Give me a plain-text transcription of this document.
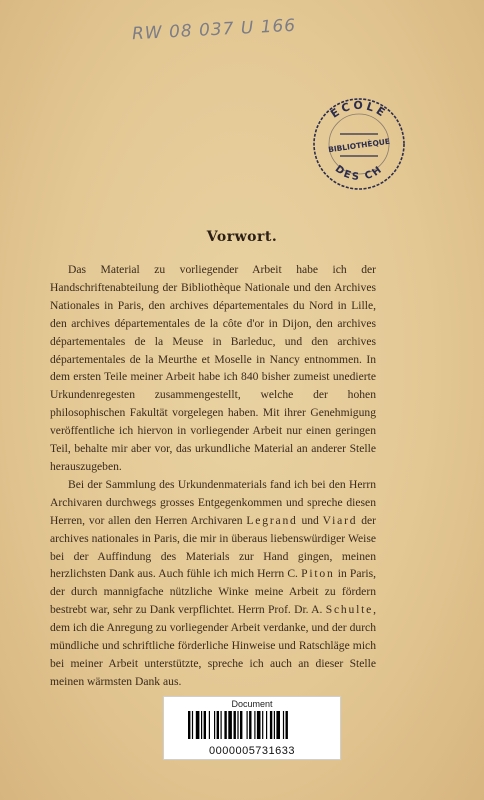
RW 08 037 U 166
ECOLE
BIBLIOTHÈQUE
DES CH
Vorwort.

Das Material zu vorliegender Arbeit habe ich der Handschriftenabteilung der Bibliothèque Nationale und den Archives Nationales in Paris, den archives départementales du Nord in Lille, den archives départementales de la côte d'or in Dijon, den archives départementales de la Meuse in Barleduc, und den archives départementales de la Meurthe et Moselle in Nancy entnommen. In dem ersten Teile meiner Arbeit habe ich 840 bisher zumeist unedierte Urkundenregesten zusammengestellt, welche der hohen philosophischen Fakultät vorgelegen haben. Mit ihrer Genehmigung veröffentliche ich hiervon in vorliegender Arbeit nur einen geringen Teil, behalte mir aber vor, das urkundliche Material an anderer Stelle herauszugeben.

Bei der Sammlung des Urkundenmaterials fand ich bei den Herrn Archivaren durchwegs grosses Entgegenkommen und spreche diesen Herren, vor allen den Herren Archivaren Legrand und Viard der archives nationales in Paris, die mir in überaus liebenswürdiger Weise bei der Auffindung des Materials zur Hand gingen, meinen herzlichsten Dank aus. Auch fühle ich mich Herrn C. Piton in Paris, der durch mannigfache nützliche Winke meine Arbeit zu fördern bestrebt war, sehr zu Dank verpflichtet. Herrn Prof. Dr. A. Schulte, dem ich die Anregung zu vorliegender Arbeit verdanke, und der durch mündliche und schriftliche förderliche Hinweise und Ratschläge mich bei meiner Arbeit unterstützte, spreche ich auch an dieser Stelle meinen wärmsten Dank aus.

Document
0000005731633
